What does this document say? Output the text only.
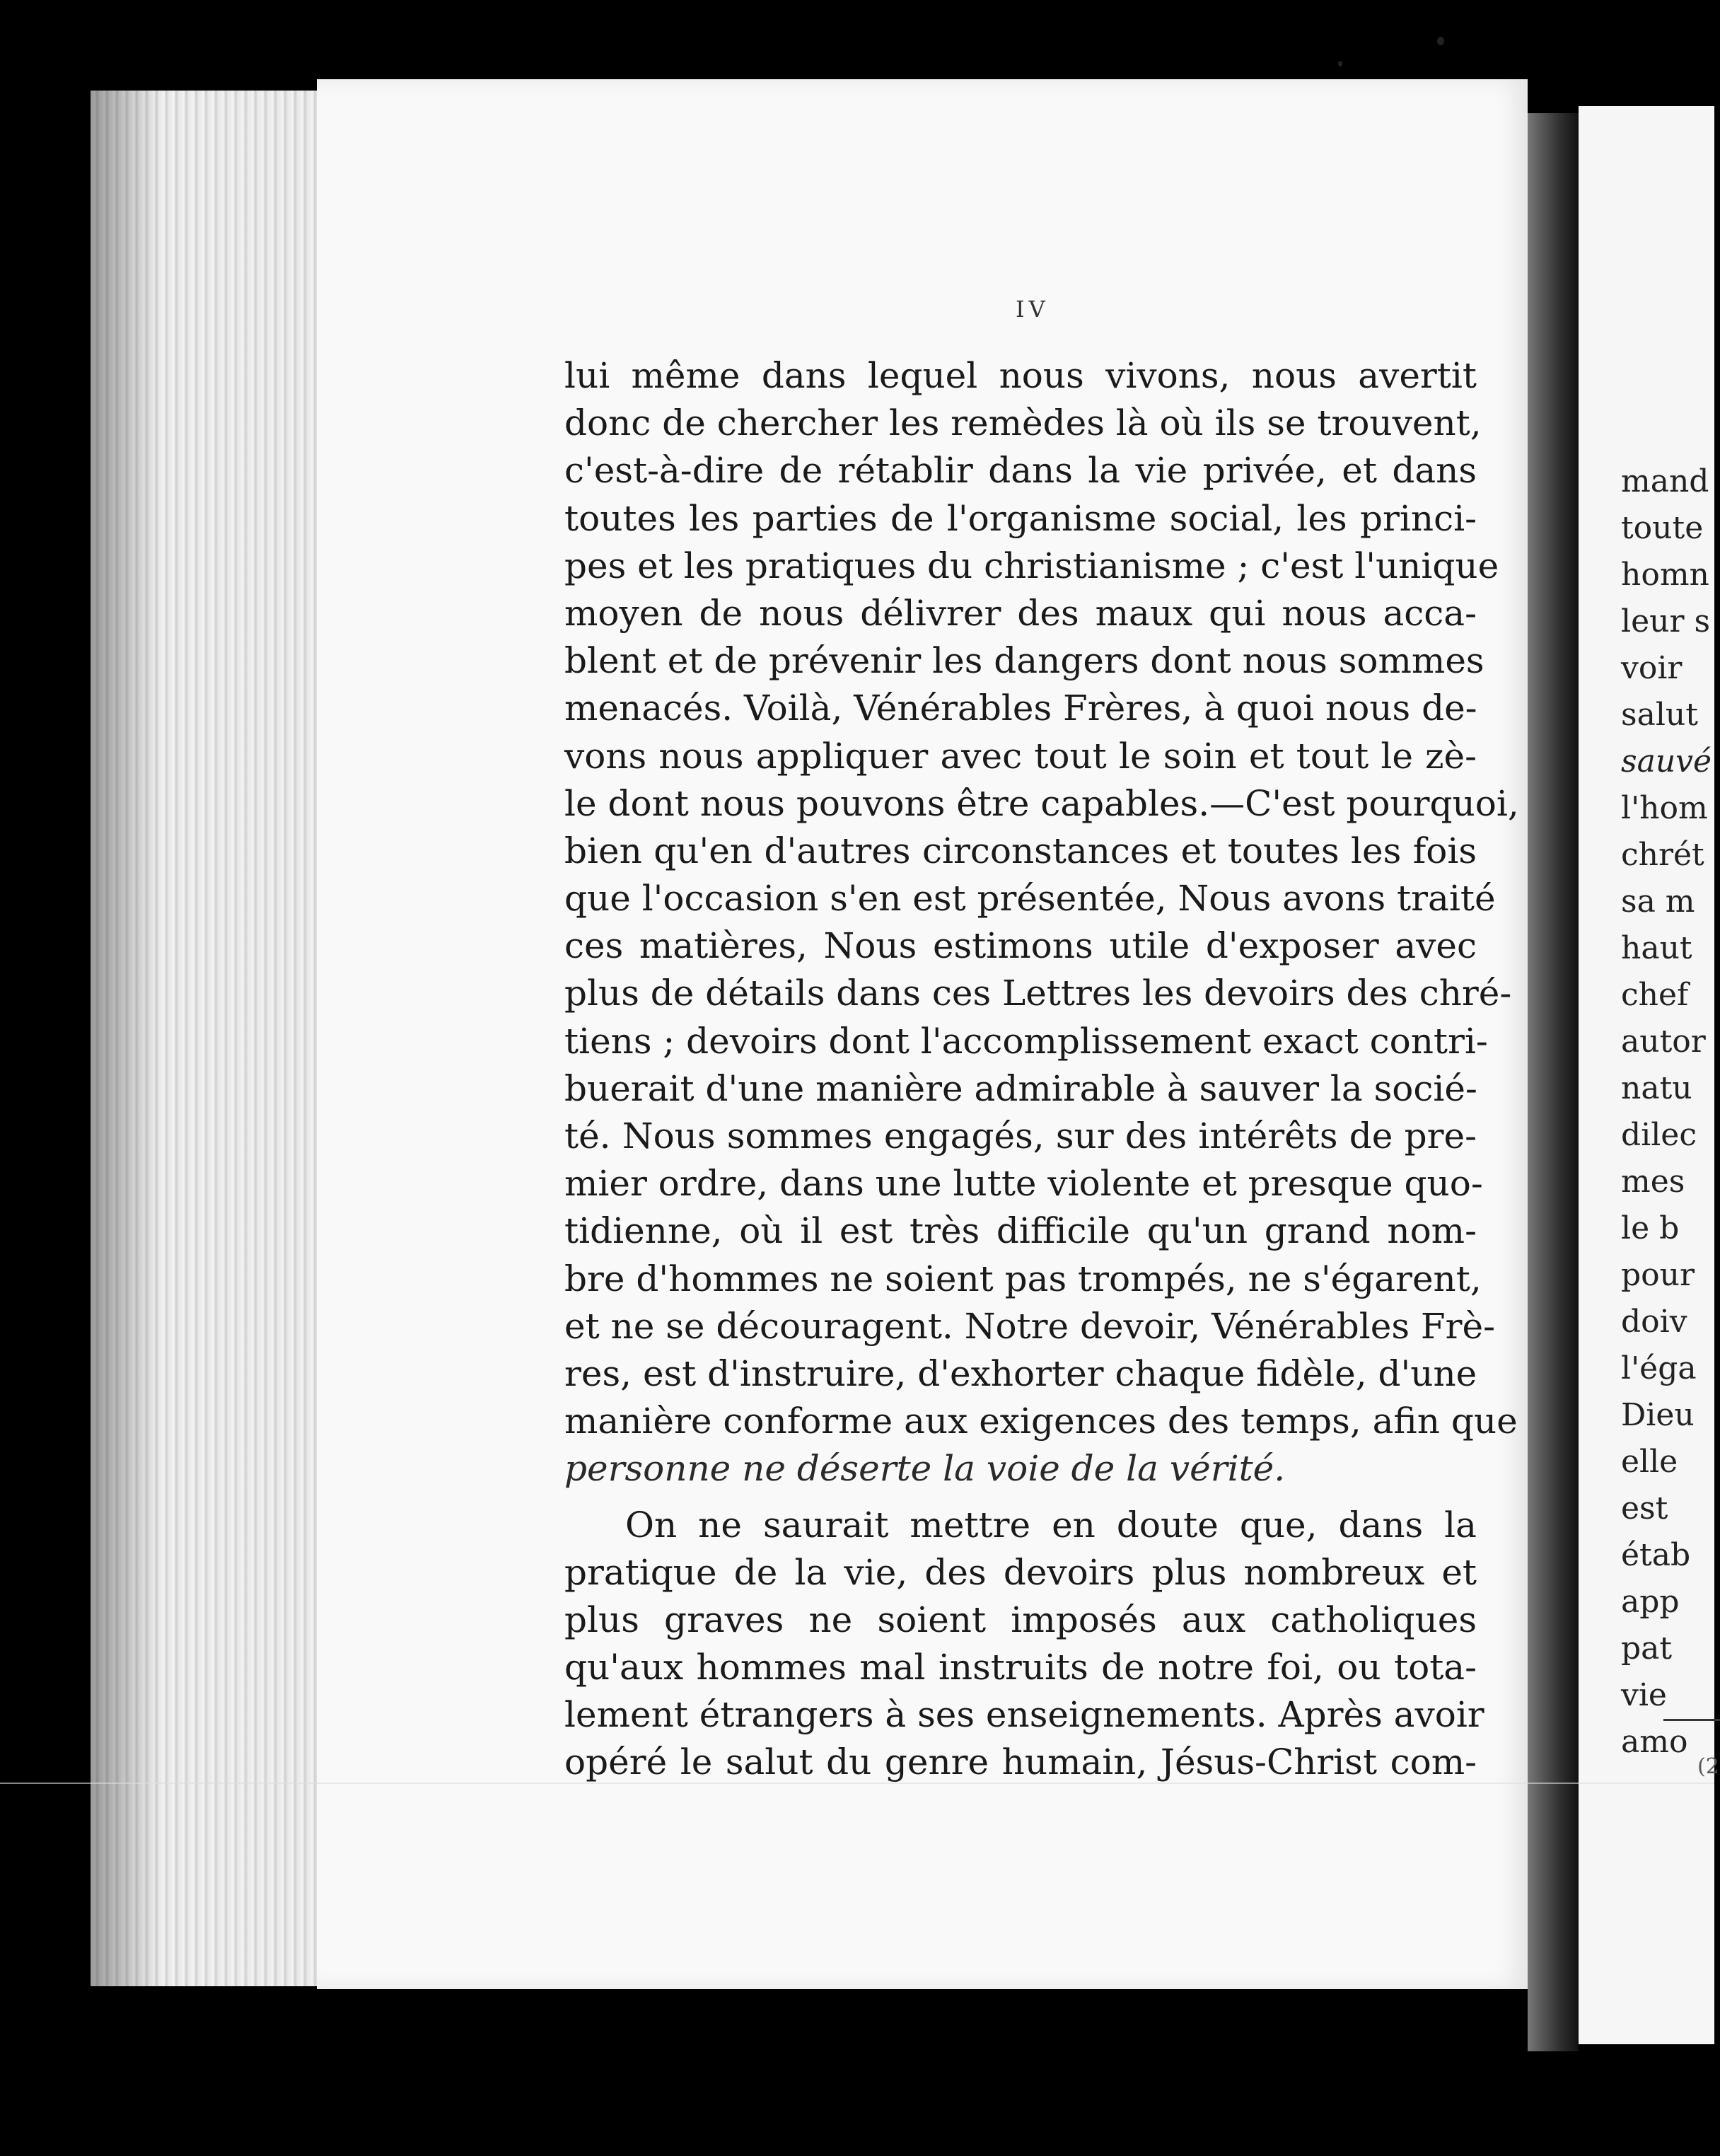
IV
lui même dans lequel nous vivons, nous avertit
donc de chercher les remèdes là où ils se trouvent,
c'est-à-dire de rétablir dans la vie privée, et dans
toutes les parties de l'organisme social, les princi-
pes et les pratiques du christianisme ; c'est l'unique
moyen de nous délivrer des maux qui nous acca-
blent et de prévenir les dangers dont nous sommes
menacés. Voilà, Vénérables Frères, à quoi nous de-
vons nous appliquer avec tout le soin et tout le zè-
le dont nous pouvons être capables.—C'est pourquoi,
bien qu'en d'autres circonstances et toutes les fois
que l'occasion s'en est présentée, Nous avons traité
ces matières, Nous estimons utile d'exposer avec
plus de détails dans ces Lettres les devoirs des chré-
tiens ; devoirs dont l'accomplissement exact contri-
buerait d'une manière admirable à sauver la socié-
té. Nous sommes engagés, sur des intérêts de pre-
mier ordre, dans une lutte violente et presque quo-
tidienne, où il est très difficile qu'un grand nom-
bre d'hommes ne soient pas trompés, ne s'égarent,
et ne se découragent. Notre devoir, Vénérables Frè-
res, est d'instruire, d'exhorter chaque fidèle, d'une
manière conforme aux exigences des temps, afin que
personne ne déserte la voie de la vérité.
On ne saurait mettre en doute que, dans la
pratique de la vie, des devoirs plus nombreux et
plus graves ne soient imposés aux catholiques
qu'aux hommes mal instruits de notre foi, ou tota-
lement étrangers à ses enseignements. Après avoir
opéré le salut du genre humain, Jésus-Christ com-
mand
toute
homn
leur s
voir
salut
sauvé
l'hom
chrét
sa m
haut
chef
autor
natu
dilec
mes
le b
pour
doiv
l'éga
Dieu
elle
est
étab
app
pat
vie
amo
(2
